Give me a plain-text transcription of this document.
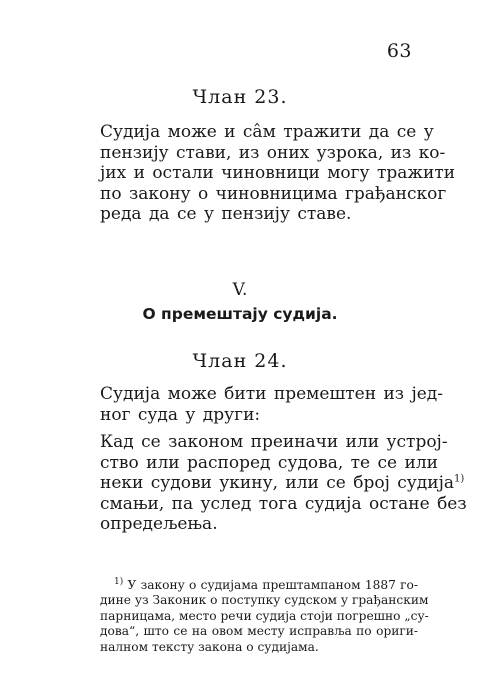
63
Члан 23.
Судија може и сâм тражити да се у
пензију стави, из оних узрока, из ко-
јих и остали чиновници могу тражити
по закону о чиновницима грађанског
реда да се у пензију ставе.
V.
О премештају судија.
Члан 24.
Судија може бити премештен из јед-
ног суда у други:
Кад се законом преиначи или устроj-
ство или распоред судова, те се или
неки судови укину, или се број судија$^{1)}$
смањи, па услед тога судија остане без
опредељења.
$^{1)}$ У закону о судијама прештампаном 1887 го-
дине уз Законик о поступку судском у грађанским
парницама, место речи судија стоји погрешно „су-
дова“, што се на овом месту исправља по ориги-
налном тексту закона о судијама.
